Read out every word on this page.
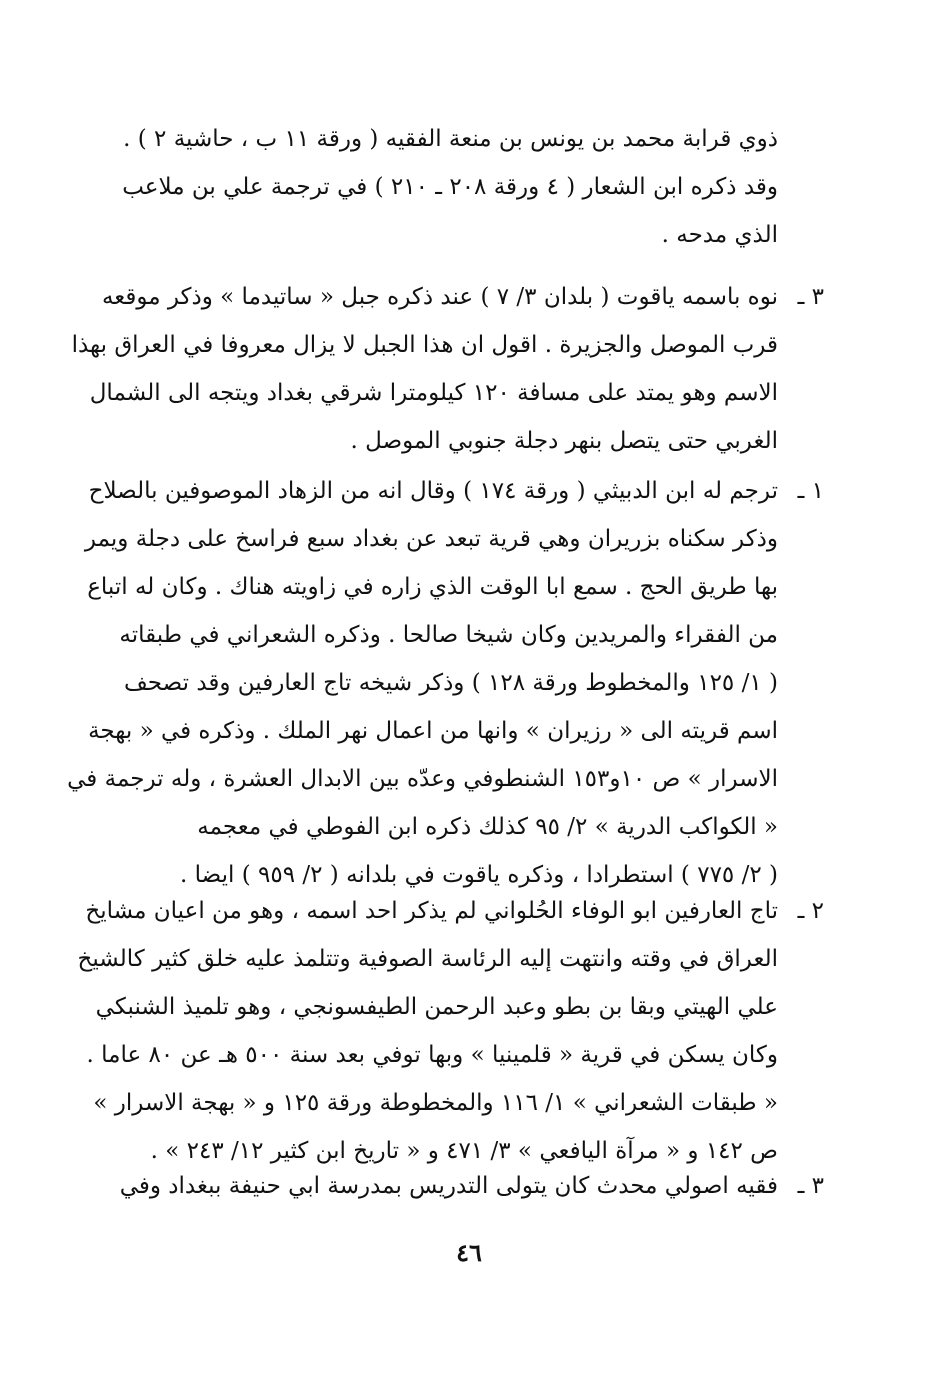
ذوي قرابة محمد بن يونس بن منعة الفقيه ( ورقة ١١ ب ، حاشية ٢ ) .
وقد ذكره ابن الشعار ( ٤ ورقة ٢٠٨ ـ ٢١٠ ) في ترجمة علي بن ملاعب
الذي مدحه .
٣ ـنوه باسمه ياقوت ( بلدان ٣/ ٧ ) عند ذكره جبل « ساتيدما » وذكر موقعه
قرب الموصل والجزيرة . اقول ان هذا الجبل لا يزال معروفا في العراق بهذا
الاسم وهو يمتد على مسافة ١٢٠ كيلومترا شرقي بغداد ويتجه الى الشمال
الغربي حتى يتصل بنهر دجلة جنوبي الموصل .
١ ـترجم له ابن الدبيثي ( ورقة ١٧٤ ) وقال انه من الزهاد الموصوفين بالصلاح
وذكر سكناه بزريران وهي قرية تبعد عن بغداد سبع فراسخ على دجلة ويمر
بها طريق الحج . سمع ابا الوقت الذي زاره في زاويته هناك . وكان له اتباع
من الفقراء والمريدين وكان شيخا صالحا . وذكره الشعراني في طبقاته
( ١/ ١٢٥ والمخطوط ورقة ١٢٨ ) وذكر شيخه تاج العارفين وقد تصحف
اسم قريته الى « رزيران » وانها من اعمال نهر الملك . وذكره في « بهجة
الاسرار » ص ١٠و١٥٣ الشنطوفي وعدّه بين الابدال العشرة ، وله ترجمة في
« الكواكب الدرية » ٢/ ٩٥ كذلك ذكره ابن الفوطي في معجمه
( ٢/ ٧٧٥ ) استطرادا ، وذكره ياقوت في بلدانه ( ٢/ ٩٥٩ ) ايضا .
٢ ـتاج العارفين ابو الوفاء الحُلواني لم يذكر احد اسمه ، وهو من اعيان مشايخ
العراق في وقته وانتهت إليه الرئاسة الصوفية وتتلمذ عليه خلق كثير كالشيخ
علي الهيتي وبقا بن بطو وعبد الرحمن الطيفسونجي ، وهو تلميذ الشنبكي
وكان يسكن في قرية « قلمينيا » وبها توفي بعد سنة ٥٠٠ هـ عن ٨٠ عاما .
« طبقات الشعراني » ١/ ١١٦ والمخطوطة ورقة ١٢٥ و « بهجة الاسرار »
ص ١٤٢ و « مرآة اليافعي » ٣/ ٤٧١ و « تاريخ ابن كثير ١٢/ ٢٤٣ » .
٣ ـفقيه اصولي محدث كان يتولى التدريس بمدرسة ابي حنيفة ببغداد وفي
٤٦
